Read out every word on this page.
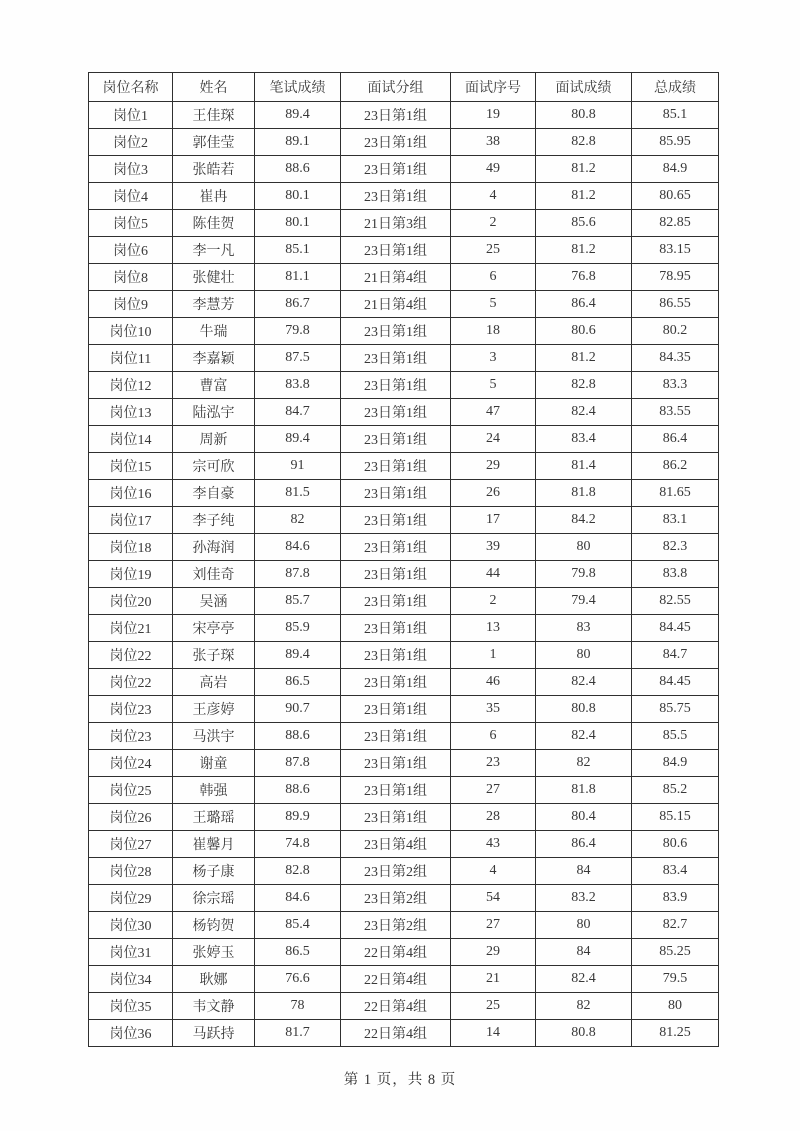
岗位名称	姓名	笔试成绩	面试分组	面试序号	面试成绩	总成绩
岗位1	王佳琛	89.4	23日第1组	19	80.8	85.1
岗位2	郭佳莹	89.1	23日第1组	38	82.8	85.95
岗位3	张皓若	88.6	23日第1组	49	81.2	84.9
岗位4	崔冉	80.1	23日第1组	4	81.2	80.65
岗位5	陈佳贺	80.1	21日第3组	2	85.6	82.85
岗位6	李一凡	85.1	23日第1组	25	81.2	83.15
岗位8	张健壮	81.1	21日第4组	6	76.8	78.95
岗位9	李慧芳	86.7	21日第4组	5	86.4	86.55
岗位10	牛瑞	79.8	23日第1组	18	80.6	80.2
岗位11	李嘉颖	87.5	23日第1组	3	81.2	84.35
岗位12	曹富	83.8	23日第1组	5	82.8	83.3
岗位13	陆泓宇	84.7	23日第1组	47	82.4	83.55
岗位14	周新	89.4	23日第1组	24	83.4	86.4
岗位15	宗可欣	91	23日第1组	29	81.4	86.2
岗位16	李自豪	81.5	23日第1组	26	81.8	81.65
岗位17	李子纯	82	23日第1组	17	84.2	83.1
岗位18	孙海润	84.6	23日第1组	39	80	82.3
岗位19	刘佳奇	87.8	23日第1组	44	79.8	83.8
岗位20	吴涵	85.7	23日第1组	2	79.4	82.55
岗位21	宋亭亭	85.9	23日第1组	13	83	84.45
岗位22	张子琛	89.4	23日第1组	1	80	84.7
岗位22	高岩	86.5	23日第1组	46	82.4	84.45
岗位23	王彦婷	90.7	23日第1组	35	80.8	85.75
岗位23	马洪宇	88.6	23日第1组	6	82.4	85.5
岗位24	谢童	87.8	23日第1组	23	82	84.9
岗位25	韩强	88.6	23日第1组	27	81.8	85.2
岗位26	王璐瑶	89.9	23日第1组	28	80.4	85.15
岗位27	崔馨月	74.8	23日第4组	43	86.4	80.6
岗位28	杨子康	82.8	23日第2组	4	84	83.4
岗位29	徐宗瑶	84.6	23日第2组	54	83.2	83.9
岗位30	杨钧贺	85.4	23日第2组	27	80	82.7
岗位31	张婷玉	86.5	22日第4组	29	84	85.25
岗位34	耿娜	76.6	22日第4组	21	82.4	79.5
岗位35	韦文静	78	22日第4组	25	82	80
岗位36	马跃持	81.7	22日第4组	14	80.8	81.25
第 1 页，共 8 页
